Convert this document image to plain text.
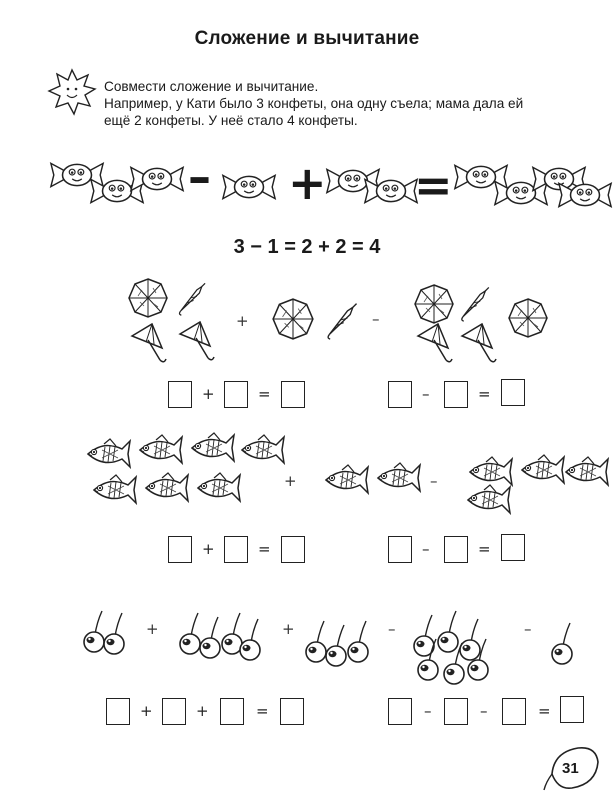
Сложение и вычитание
Совмести сложение и вычитание.
Например, у Кати было 3 конфеты, она одну съела; мама дала ей
ещё 2 конфеты. У неё стало 4 конфеты.
– + =
3 − 1 = 2 + 2 = 4
+	–
+	=	–	=
+	–
+	=	–	=
+	+	–	–
+	+	=	–	–	=
31
